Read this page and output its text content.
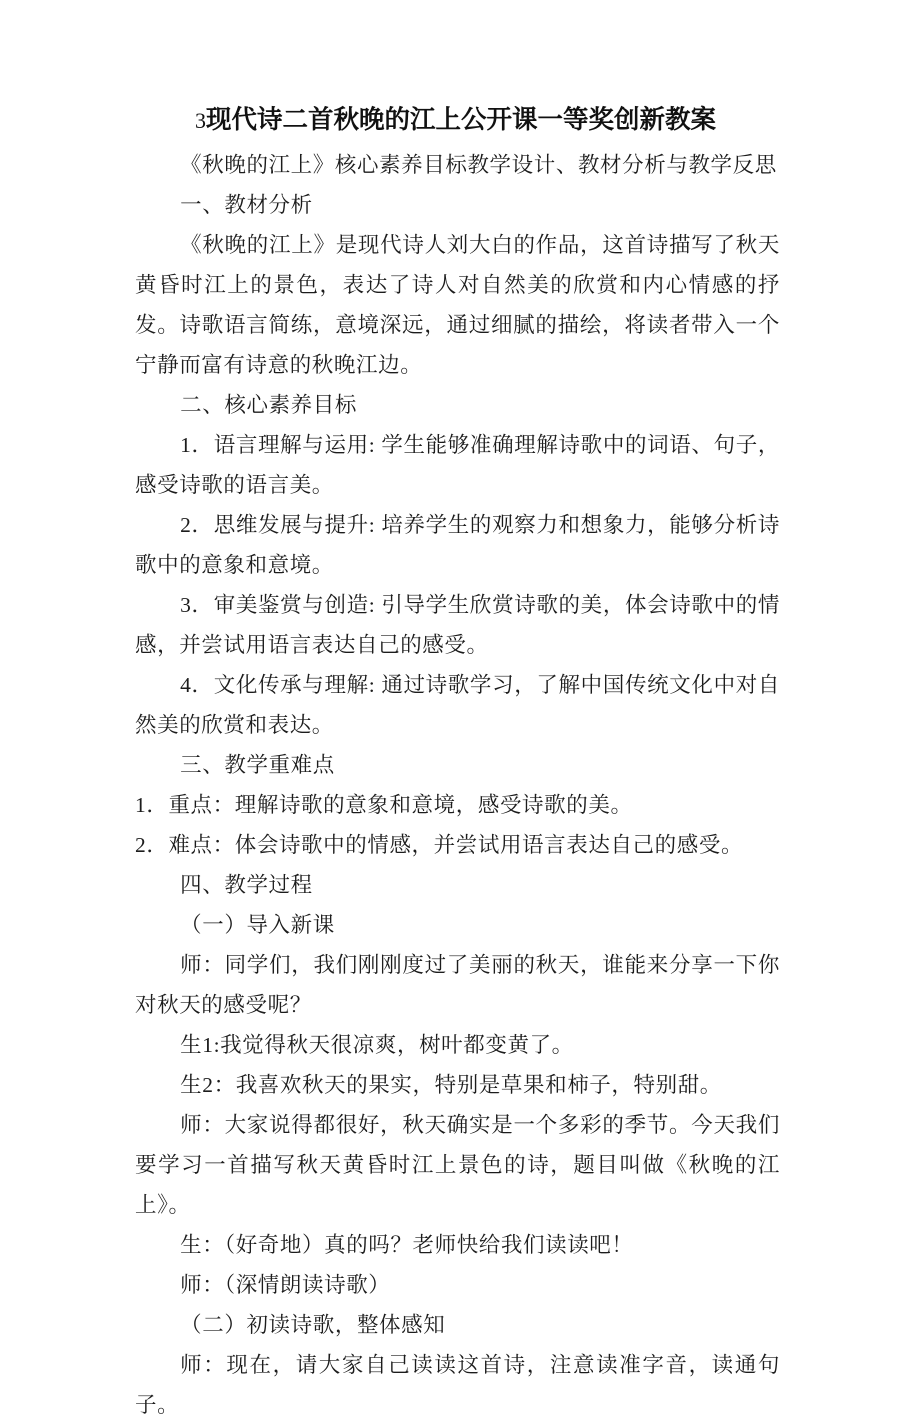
3现代诗二首秋晚的江上公开课一等奖创新教案

《秋晚的江上》核心素养目标教学设计、教材分析与教学反思

一、教材分析

《秋晚的江上》是现代诗人刘大白的作品，这首诗描写了秋天黄昏时江上的景色，表达了诗人对自然美的欣赏和内心情感的抒发。诗歌语言简练，意境深远，通过细腻的描绘，将读者带入一个宁静而富有诗意的秋晚江边。

二、核心素养目标

1．语言理解与运用: 学生能够准确理解诗歌中的词语、句子，感受诗歌的语言美。

2．思维发展与提升: 培养学生的观察力和想象力，能够分析诗歌中的意象和意境。

3．审美鉴赏与创造: 引导学生欣赏诗歌的美，体会诗歌中的情感，并尝试用语言表达自己的感受。

4．文化传承与理解: 通过诗歌学习，了解中国传统文化中对自然美的欣赏和表达。

三、教学重难点

1．重点：理解诗歌的意象和意境，感受诗歌的美。

2．难点：体会诗歌中的情感，并尝试用语言表达自己的感受。

四、教学过程

（一）导入新课

师：同学们，我们刚刚度过了美丽的秋天，谁能来分享一下你对秋天的感受呢？

生1:我觉得秋天很凉爽，树叶都变黄了。

生2：我喜欢秋天的果实，特别是草果和柿子，特别甜。

师：大家说得都很好，秋天确实是一个多彩的季节。今天我们要学习一首描写秋天黄昏时江上景色的诗，题目叫做《秋晚的江上》。

生：（好奇地）真的吗？老师快给我们读读吧！

师：（深情朗读诗歌）

（二）初读诗歌，整体感知

师：现在，请大家自己读读这首诗，注意读准字音，读通句子。
